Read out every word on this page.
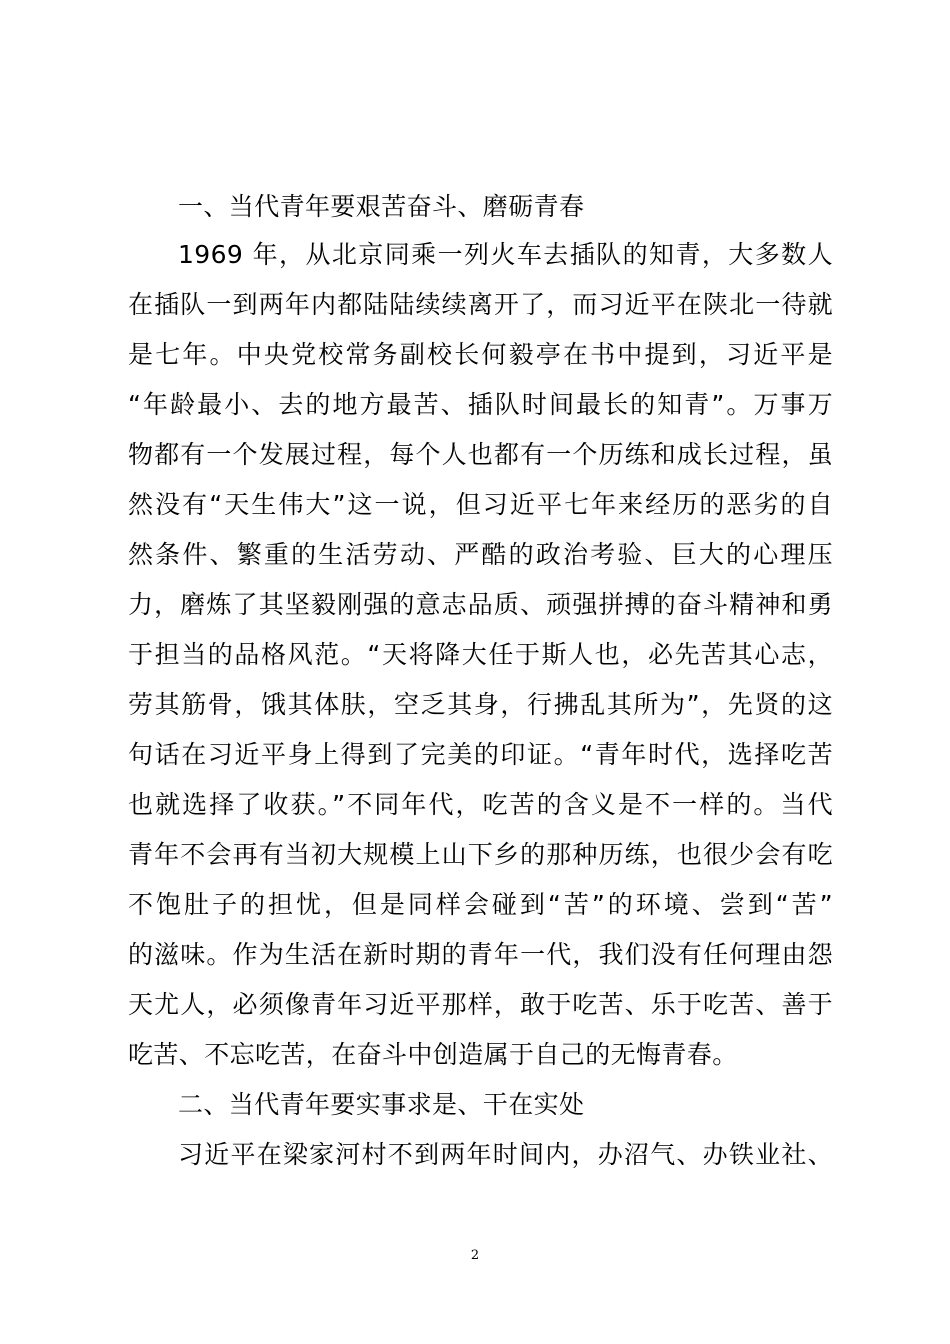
一、当代青年要艰苦奋斗、磨砺青春
1969 年，从北京同乘一列火车去插队的知青，大多数人
在插队一到两年内都陆陆续续离开了，而习近平在陕北一待就
是七年。中央党校常务副校长何毅亭在书中提到，习近平是
“年龄最小、去的地方最苦、插队时间最长的知青”。万事万
物都有一个发展过程，每个人也都有一个历练和成长过程，虽
然没有“天生伟大”这一说，但习近平七年来经历的恶劣的自
然条件、繁重的生活劳动、严酷的政治考验、巨大的心理压
力，磨炼了其坚毅刚强的意志品质、顽强拼搏的奋斗精神和勇
于担当的品格风范。“天将降大任于斯人也，必先苦其心志，
劳其筋骨，饿其体肤，空乏其身，行拂乱其所为”，先贤的这
句话在习近平身上得到了完美的印证。“青年时代，选择吃苦
也就选择了收获。”不同年代，吃苦的含义是不一样的。当代
青年不会再有当初大规模上山下乡的那种历练，也很少会有吃
不饱肚子的担忧，但是同样会碰到“苦”的环境、尝到“苦”
的滋味。作为生活在新时期的青年一代，我们没有任何理由怨
天尤人，必须像青年习近平那样，敢于吃苦、乐于吃苦、善于
吃苦、不忘吃苦，在奋斗中创造属于自己的无悔青春。
二、当代青年要实事求是、干在实处
习近平在梁家河村不到两年时间内，办沼气、办铁业社、
2
